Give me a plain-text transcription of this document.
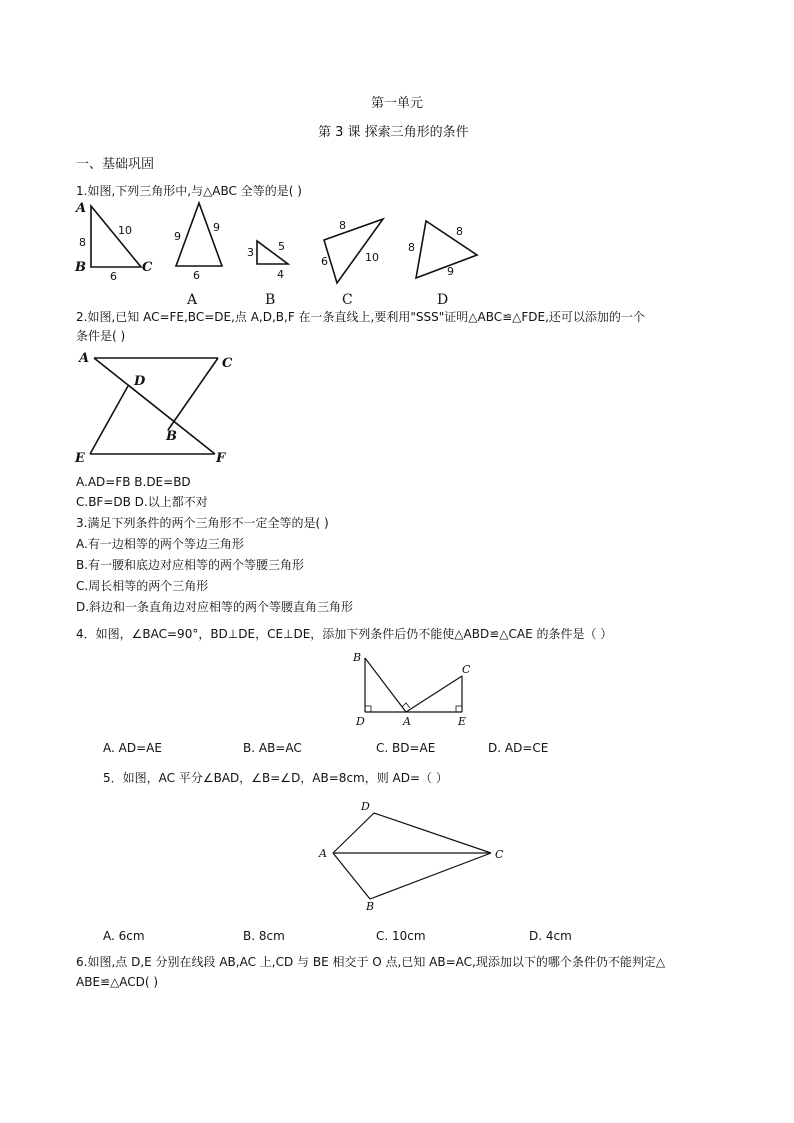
第一单元
第 3 课 探索三角形的条件
一、基础巩固
1.如图,下列三角形中,与△ABC 全等的是( )
A
B	C
10
8
6
9
9
6
A
3 5
4
B
8
6	10
C
8
8
9
D
2.如图,已知 AC=FE,BC=DE,点 A,D,B,F 在一条直线上,要利用"SSS"证明△ABC≌△FDE,还可以添加的一个
条件是( )
A	C
D
B
E	F
A.AD=FB B.DE=BD
C.BF=DB D.以上都不对
3.满足下列条件的两个三角形不一定全等的是( )
A.有一边相等的两个等边三角形
B.有一腰和底边对应相等的两个等腰三角形
C.周长相等的两个三角形
D.斜边和一条直角边对应相等的两个等腰直角三角形
4．如图，∠BAC=90°，BD⊥DE，CE⊥DE，添加下列条件后仍不能使△ABD≌△CAE 的条件是（ ）
B
C
D	A	E
A. AD=AE	B. AB=AC	C. BD=AE	D. AD=CE
5．如图，AC 平分∠BAD，∠B=∠D，AB=8cm，则 AD=（ ）
D
A	C
B
A. 6cm	B. 8cm	C. 10cm	D. 4cm
6.如图,点 D,E 分别在线段 AB,AC 上,CD 与 BE 相交于 O 点,已知 AB=AC,现添加以下的哪个条件仍不能判定△
ABE≌△ACD( )
